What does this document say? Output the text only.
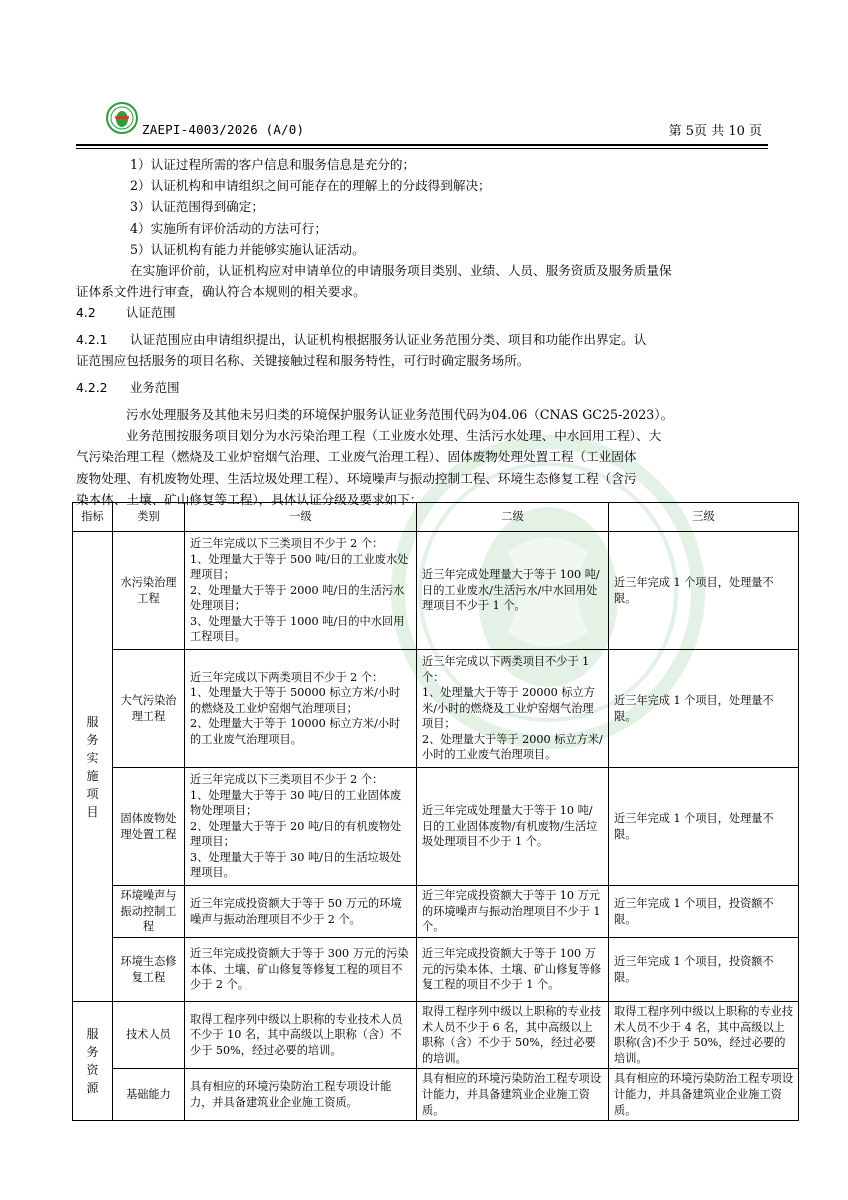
ZAEPI-4003/2026 (A/0)	第 5页 共 10 页
1）认证过程所需的客户信息和服务信息是充分的；
2）认证机构和申请组织之间可能存在的理解上的分歧得到解决；
3）认证范围得到确定；
4）实施所有评价活动的方法可行；
5）认证机构有能力并能够实施认证活动。
在实施评价前，认证机构应对申请单位的申请服务项目类别、业绩、人员、服务资质及服务质量保
证体系文件进行审查，确认符合本规则的相关要求。
4.2 认证范围
4.2.1 认证范围应由申请组织提出，认证机构根据服务认证业务范围分类、项目和功能作出界定。认
证范围应包括服务的项目名称、关键接触过程和服务特性，可行时确定服务场所。
4.2.2 业务范围
污水处理服务及其他未另归类的环境保护服务认证业务范围代码为04.06（CNAS GC25-2023）。
业务范围按服务项目划分为水污染治理工程（工业废水处理、生活污水处理、中水回用工程）、大
气污染治理工程（燃烧及工业炉窑烟气治理、工业废气治理工程）、固体废物处理处置工程（工业固体
废物处理、有机废物处理、生活垃圾处理工程）、环境噪声与振动控制工程、环境生态修复工程（含污
染本体、土壤、矿山修复等工程），具体认证分级及要求如下：
指标	类别	一级	二级	三级
服务实施项目	水污染治理工程	近三年完成以下三类项目不少于 2 个：
1、处理量大于等于 500 吨/日的工业废水处理项目；
2、处理量大于等于 2000 吨/日的生活污水处理项目；
3、处理量大于等于 1000 吨/日的中水回用工程项目。	近三年完成处理量大于等于 100 吨/日的工业废水/生活污水/中水回用处理项目不少于 1 个。	近三年完成 1 个项目，处理量不限。
	大气污染治理工程	近三年完成以下两类项目不少于 2 个：
1、处理量大于等于 50000 标立方米/小时的燃烧及工业炉窑烟气治理项目；
2、处理量大于等于 10000 标立方米/小时的工业废气治理项目。	近三年完成以下两类项目不少于 1 个：
1、处理量大于等于 20000 标立方米/小时的燃烧及工业炉窑烟气治理项目；
2、处理量大于等于 2000 标立方米/小时的工业废气治理项目。	近三年完成 1 个项目，处理量不限。
	固体废物处理处置工程	近三年完成以下三类项目不少于 2 个：
1、处理量大于等于 30 吨/日的工业固体废物处理项目；
2、处理量大于等于 20 吨/日的有机废物处理项目；
3、处理量大于等于 30 吨/日的生活垃圾处理项目。	近三年完成处理量大于等于 10 吨/日的工业固体废物/有机废物/生活垃圾处理项目不少于 1 个。	近三年完成 1 个项目，处理量不限。
	环境噪声与振动控制工程	近三年完成投资额大于等于 50 万元的环境噪声与振动治理项目不少于 2 个。	近三年完成投资额大于等于 10 万元的环境噪声与振动治理项目不少于 1 个。	近三年完成 1 个项目，投资额不限。
	环境生态修复工程	近三年完成投资额大于等于 300 万元的污染本体、土壤、矿山修复等修复工程的项目不少于 2 个。	近三年完成投资额大于等于 100 万元的污染本体、土壤、矿山修复等修复工程的项目不少于 1 个。	近三年完成 1 个项目，投资额不限。
服务资源	技术人员	取得工程序列中级以上职称的专业技术人员不少于 10 名，其中高级以上职称（含）不少于 50%，经过必要的培训。	取得工程序列中级以上职称的专业技术人员不少于 6 名，其中高级以上职称（含）不少于 50%，经过必要的培训。	取得工程序列中级以上职称的专业技术人员不少于 4 名，其中高级以上职称(含)不少于 50%，经过必要的培训。
	基础能力	具有相应的环境污染防治工程专项设计能力，并具备建筑业企业施工资质。	具有相应的环境污染防治工程专项设计能力，并具备建筑业企业施工资质。	具有相应的环境污染防治工程专项设计能力，并具备建筑业企业施工资质。
